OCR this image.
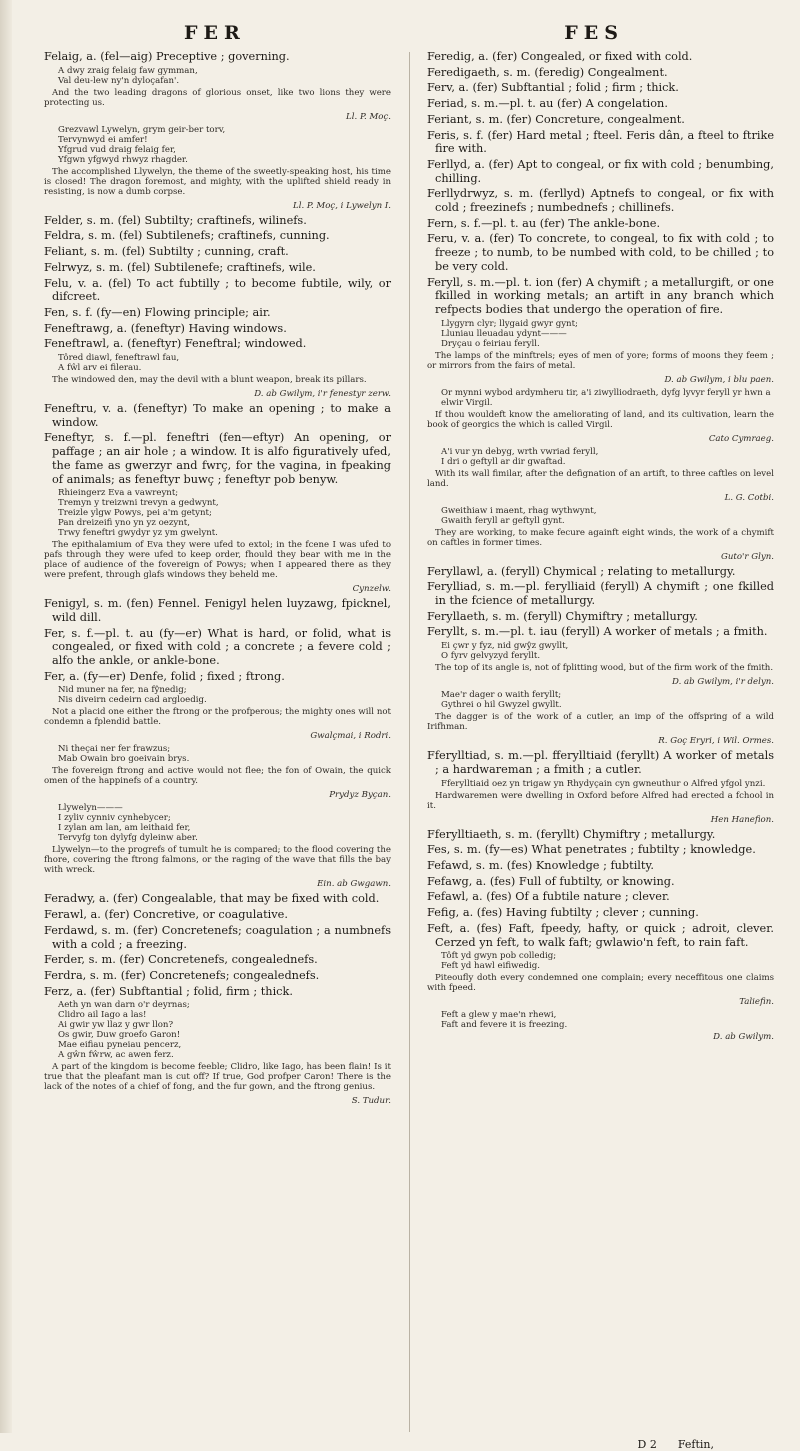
FER	FES
Felaig, a. (fel—aig) Preceptive ; governing.

A dwy zraig felaig faw gymman,

Val deu-lew ny'n dyloçafan'.

And the two leading dragons of glorious onset, like two lions they were protecting us.
Ll. P. Moç.

Grezvawl Lywelyn, grym geir-ber torv,

Tervynwyd ei amfer!

Yfgrud vud draig felaig fer,

Yfgwn yfgwyd rhwyz rhagder.

The accomplished Llywelyn, the theme of the sweetly-speaking host, his time is closed! The dragon foremost, and mighty, with the uplifted shield ready in resisting, is now a dumb corpse.
Ll. P. Moç, i Lywelyn I.
Felder, s. m. (fel) Subtilty; craftinefs, wilinefs.
Feldra, s. m. (fel) Subtilenefs; craftinefs, cunning.
Feliant, s. m. (fel) Subtilty ; cunning, craft.
Felrwyz, s. m. (fel) Subtilenefe; craftinefs, wile.
Felu, v. a. (fel) To act fubtilly ; to become fubtile, wily, or difcreet.
Fen, s. f. (fy—en) Flowing principle; air.
Feneftrawg, a. (feneftyr) Having windows.
Feneftrawl, a. (feneftyr) Feneftral; windowed.

Tôred diawl, feneftrawl fau,

A fŵl arv ei filerau.

The windowed den, may the devil with a blunt weapon, break its pillars.
D. ab Gwilym, i'r fenestyr zerw.
Feneftru, v. a. (feneftyr) To make an opening ; to make a window.
Feneftyr, s. f.—pl. feneftri (fen—eftyr) An opening, or paffage ; an air hole ; a window. It is alfo figuratively ufed, the fame as gwerzyr and fwrç, for the vagina, in fpeaking of animals; as feneftyr buwç ; feneftyr pob benyw.

Rhieingerz Eva a vawreynt;

Tremyn y treizwni trevyn a gedwynt,

Treizle ylgw Powys, pei a'm getynt;

Pan dreizeifi yno yn yz oezynt,

Trwy feneftri gwydyr yz ym gwelynt.

The epithalamium of Eva they were ufed to extol; in the fcene I was ufed to pafs through they were ufed to keep order, fhould they bear with me in the place of audience of the fovereign of Powys; when I appeared there as they were prefent, through glafs windows they beheld me.
Cynzelw.
Fenigyl, s. m. (fen) Fennel. Fenigyl helen luyzawg, fpicknel, wild dill.
Fer, s. f.—pl. t. au (fy—er) What is hard, or folid, what is congealed, or fixed with cold ; a concrete ; a fevere cold ; alfo the ankle, or ankle-bone.
Fer, a. (fy—er) Denfe, folid ; fixed ; ftrong.

Nid muner na fer, na fŷnedig;

Nis diveirn cedeirn cad argloedig.

Not a placid one either the ftrong or the profperous; the mighty ones will not condemn a fplendid battle.
Gwalçmai, i Rodri.

Ni theçai ner fer frawzus;

Mab Owain bro goeivain brys.

The fovereign ftrong and active would not flee; the fon of Owain, the quick omen of the happinefs of a country.
Prydyz Byçan.

Llywelyn———

I zyliv cynniv cynhebycer;

I zylan am lan, am leithaid fer,

Tervyfg ton dylyfg dyleinw aber.

Llywelyn—to the progrefs of tumult he is compared; to the flood covering the fhore, covering the ftrong falmons, or the raging of the wave that fills the bay with wreck.
Ein. ab Gwgawn.
Feradwy, a. (fer) Congealable, that may be fixed with cold.
Ferawl, a. (fer) Concretive, or coagulative.
Ferdawd, s. m. (fer) Concretenefs; coagulation ; a numbnefs with a cold ; a freezing.
Ferder, s. m. (fer) Concretenefs, congealednefs.
Ferdra, s. m. (fer) Concretenefs; congealednefs.
Ferz, a. (fer) Subftantial ; folid, firm ; thick.

Aeth yn wan darn o'r deyrnas;

Clidro ail Iago a las!

Ai gwir yw llaz y gwr llon?

Os gwir, Duw groefo Garon!

Mae eifiau pyneiau pencerz,

A gŵn fŵrw, ac awen ferz.

A part of the kingdom is become feeble; Clidro, like Iago, has been flain! Is it true that the pleafant man is cut off? If true, God profper Caron! There is the lack of the notes of a chief of fong, and the fur gown, and the ftrong genius.
S. Tudur.
Feredig, a. (fer) Congealed, or fixed with cold.
Feredigaeth, s. m. (feredig) Congealment.
Ferv, a. (fer) Subftantial ; folid ; firm ; thick.
Feriad, s. m.—pl. t. au (fer) A congelation.
Feriant, s. m. (fer) Concreture, congealment.
Feris, s. f. (fer) Hard metal ; fteel. Feris dân, a fteel to ftrike fire with.
Ferllyd, a. (fer) Apt to congeal, or fix with cold ; benumbing, chilling.
Ferllydrwyz, s. m. (ferllyd) Aptnefs to congeal, or fix with cold ; freezinefs ; numbednefs ; chillinefs.
Fern, s. f.—pl. t. au (fer) The ankle-bone.
Feru, v. a. (fer) To concrete, to congeal, to fix with cold ; to freeze ; to numb, to be numbed with cold, to be chilled ; to be very cold.
Feryll, s. m.—pl. t. ion (fer) A chymift ; a metallurgift, or one fkilled in working metals; an artift in any branch which refpects bodies that undergo the operation of fire.

Llygyrn clyr; llygaid gwyr gynt;

Lluniau lleuadau ydynt———

Dryçau o feiriau feryll.

The lamps of the minftrels; eyes of men of yore; forms of moons they feem ; or mirrors from the fairs of metal.
D. ab Gwilym, i blu paen.

Or mynni wybod ardymheru tir, a'i ziwylliodraeth, dyfg lyvyr feryll yr hwn a elwir Virgil.

If thou wouldeft know the ameliorating of land, and its cultivation, learn the book of georgics the which is called Virgil.
Cato Cymraeg.

A'i vur yn debyg, wrth vwriad feryll,

I dri o geftyll ar dir gwaftad.

With its wall fimilar, after the defignation of an artift, to three caftles on level land.
L. G. Cotbi.

Gweithiaw i maent, rhag wythwynt,

Gwaith feryll ar geftyll gynt.

They are working, to make fecure againft eight winds, the work of a chymift on caftles in former times.
Guto'r Glyn.
Feryllawl, a. (feryll) Chymical ; relating to metallurgy.
Ferylliad, s. m.—pl. ferylliaid (feryll) A chymift ; one fkilled in the fcience of metallurgy.
Feryllaeth, s. m. (feryll) Chymiftry ; metallurgy.
Feryllt, s. m.—pl. t. iau (feryll) A worker of metals ; a fmith.

Ei çwr y fyz, nid gwŷz gwyllt,

O fyrv gelvyzyd feryllt.

The top of its angle is, not of fplitting wood, but of the firm work of the fmith.
D. ab Gwilym, i'r delyn.

Mae'r dager o waith feryllt;

Gythrei o hil Gwyzel gwyllt.

The dagger is of the work of a cutler, an imp of the offspring of a wild Irifhman.
R. Goç Eryri, i Wil. Ormes.
Fferylltiad, s. m.—pl. fferylltiaid (feryllt) A worker of metals ; a hardwareman ; a fmith ; a cutler.

Fferylltiaid oez yn trigaw yn Rhydyçain cyn gwneuthur o Alfred yfgol ynzi.

Hardwaremen were dwelling in Oxford before Alfred had erected a fchool in it.
Hen Hanefion.
Fferylltiaeth, s. m. (feryllt) Chymiftry ; metallurgy.
Fes, s. m. (fy—es) What penetrates ; fubtilty ; knowledge.
Fefawd, s. m. (fes) Knowledge ; fubtilty.
Fefawg, a. (fes) Full of fubtilty, or knowing.
Fefawl, a. (fes) Of a fubtile nature ; clever.
Fefig, a. (fes) Having fubtilty ; clever ; cunning.
Feft, a. (fes) Faft, fpeedy, hafty, or quick ; adroit, clever. Cerzed yn feft, to walk faft; gwlawio'n feft, to rain faft.

Tôft yd gwyn pob colledig;

Feft yd hawl eifiwedig.

Piteoufly doth every condemned one complain; every neceffitous one claims with fpeed.
Taliefin.

Feft a glew y mae'n rhewi,

Faft and fevere it is freezing.

D. ab Gwilym.
D 2 Feftin,
